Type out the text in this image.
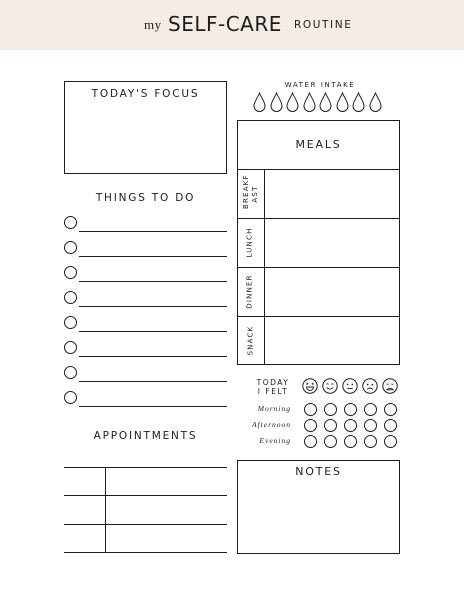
my SELF-CARE ROUTINE
TODAY'S FOCUS
THINGS TO DO
APPOINTMENTS
WATER INTAKE
MEALS
BREAKF AST
LUNCH
DINNER
SNACK
TODAY
I FELT
Morning
Afternoon
Evening
NOTES
